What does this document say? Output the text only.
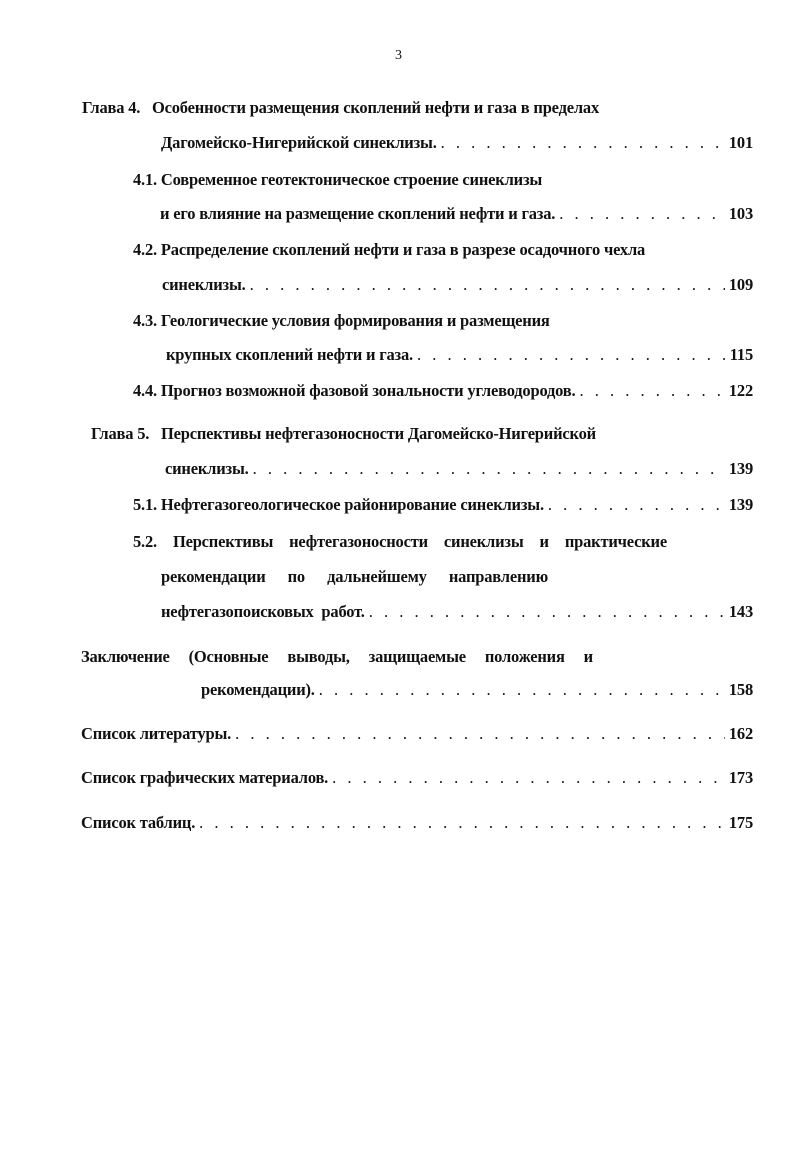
3
Глава 4. Особенности размещения скоплений нефти и газа в пределах
Дагомейско-Нигерийской синеклизы. . . .	101
4.1. Современное геотектоническое строение синеклизы
и его влияние на размещение скоплений нефти и газа. . . .	103
4.2. Распределение скоплений нефти и газа в разрезе осадочного чехла
синеклизы. . . .	109
4.3. Геологические условия формирования и размещения
крупных скоплений нефти и газа. . . .	115
4.4.
Прогноз возможной фазовой зональности углеводородов. . . .	122
Глава 5. Перспективы нефтегазоносности Дагомейско-Нигерийской
синеклизы. . . .	139
5.1.
Нефтегазогеологическое районирование синеклизы. . . .	139
5.2. Перспективы нефтегазоносности синеклизы и практические
рекомендации по дальнейшему направлению
нефтегазопоисковых  работ. . . .	143
Заключение (Основные выводы, защищаемые положения и
рекомендации). . . .	158
Список литературы. . . .	162
Список графических материалов. . . .	173
Список таблиц. . . .	175
